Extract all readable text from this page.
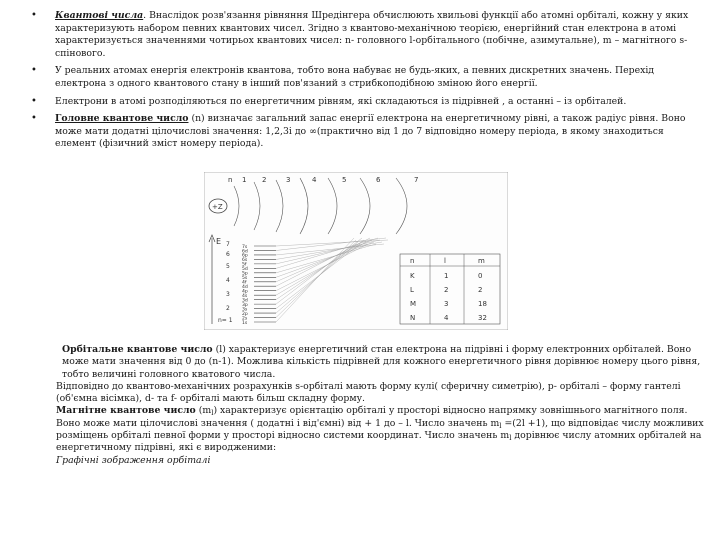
• Квантові числа. Внаслідок розв'язання рівняння Шредінгера обчислюють хвильові функції або атомні орбіталі, кожну у яких характеризують набором певних квантових чисел. Згідно з квантово-механічною теорією, енергійний стан електрона в атомі характеризується значеннями чотирьох квантових чисел: n- головного l-орбітального (побічне, азимутальне), m – магнітного s- спінового.
• У реальних атомах енергія електронів квантова, тобто вона набуває не будь-яких, а певних дискретних значень. Перехід електрона з одного квантового стану в інший пов'язаний з стрибкоподібною зміною його енергії.
• Електрони в атомі розподіляються по енергетичним рівням, які складаються із підрівней , а останні – із орбіталей.
• Головне квантове число (n) визначає загальний запас енергії електрона на енергетичному рівні, а також радіус рівня. Воно може мати додатні цілочислові значення: 1,2,3і до ∞(практично від 1 до 7 відповідно номеру періода, в якому знаходиться елемент (фізичний зміст номеру періода).
+Z
n 1 2	3	4	5	6	7
E
n= 1
2
3
4
5
6
7
1s
2s
2p
3s
3p
3d
4s
4p
4d
4f
5s
5p
5d
5f
6s
6p
6d
7s
n	l	m
K	1	0
L	2	2
M	3	18
N	4	32

Орбітальне квантове число (l) характеризує енергетичний стан електрона на підрівні і форму електронних орбіталей. Воно може мати значення від 0 до (n-1). Можлива кількість підрівней для кожного енергетичного рівня дорівнює номеру цього рівня, тобто величині головного кватового числа.

Відповідно до квантово-механічних розрахунків s-орбіталі мають форму кулі( сферичну симетрію), p- орбіталі – форму гантелі (об'ємна вісімка), d- та f- орбіталі мають більш складну форму.

Магнітне квантове число $(m_l)$ характеризує орієнтацію орбіталі у просторі відносно напрямку зовнішнього магнітного поля. Воно може мати цілочислові значення ( додатні і від'ємні) від + 1 до – l. Число значень $m_l =(2l +1)$, що відповідає числу можливих розміщень орбіталі певної форми у просторі відносно системи координат. Число значень $m_l$ дорівнює числу атомних орбіталей на енергетичному підрівні, які є виродженими:

Графічні зображення орбіталі
